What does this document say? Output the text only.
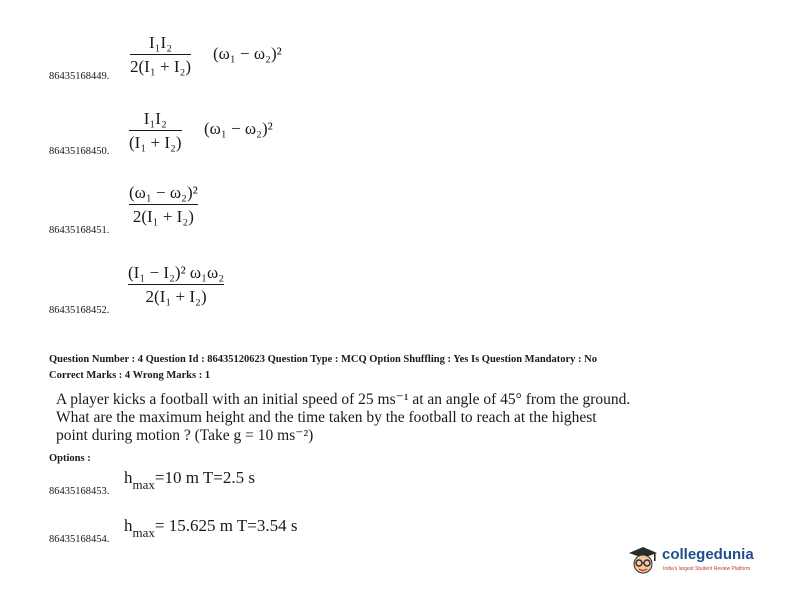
I₁I₂
2(I₁ + I₂)
(ω₁ − ω₂)²
86435168449.
I₁I₂
(I₁ + I₂)
(ω₁ − ω₂)²
86435168450.
(ω₁ − ω₂)²
2(I₁ + I₂)
86435168451.
(I₁ − I₂)² ω₁ω₂
2(I₁ + I₂)
86435168452.
Question Number : 4 Question Id : 86435120623 Question Type : MCQ Option Shuffling : Yes Is Question Mandatory : No
Correct Marks : 4 Wrong Marks : 1
A player kicks a football with an initial speed of 25 ms⁻¹ at an angle of 45° from the ground.
What are the maximum height and the time taken by the football to reach at the highest
point during motion ? (Take g = 10 ms⁻²)
Options :
$h_{max}=10$ m T=2.5 s
86435168453.
$h_{max}= 15.625$ m T=3.54 s
86435168454.
collegedunia
India's largest Student Review Platform
